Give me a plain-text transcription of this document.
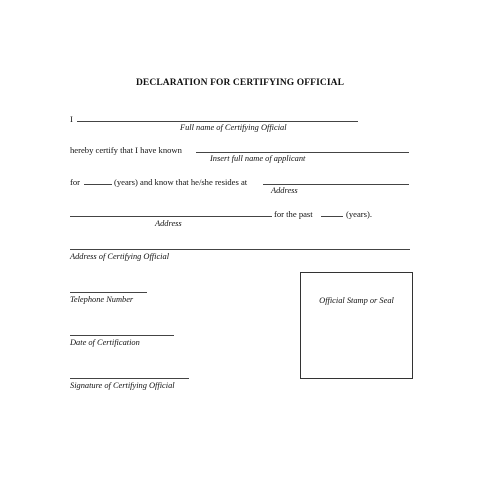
DECLARATION FOR CERTIFYING OFFICIAL
I
Full name of Certifying Official
hereby certify that I have known
Insert full name of applicant
for	(years) and know that he/she resides at
Address
for the past	(years).
Address
Address of Certifying Official
Telephone Number
Date of Certification
Signature of Certifying Official
Official Stamp or Seal
